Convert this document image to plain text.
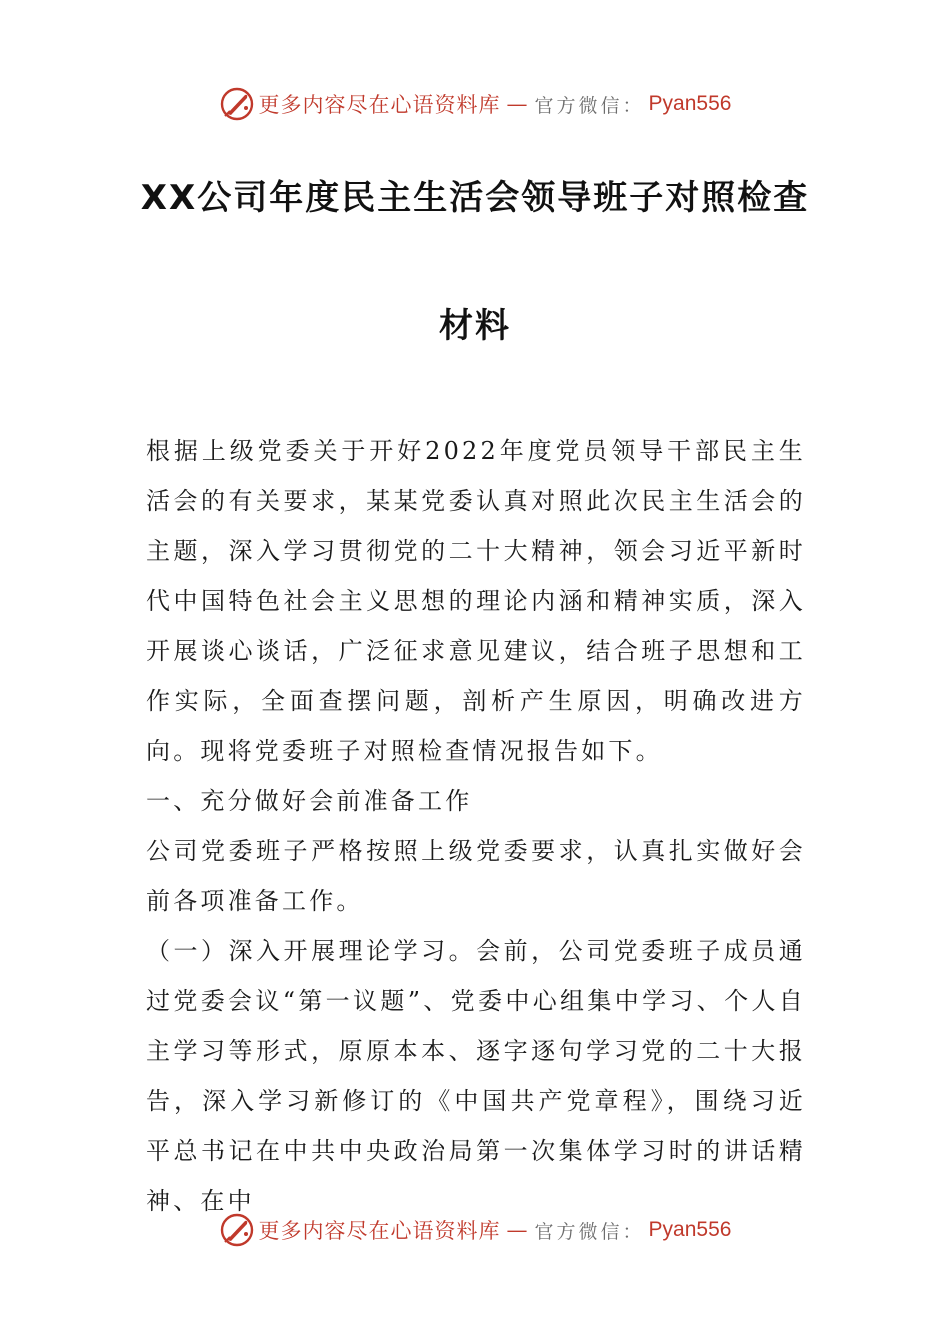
更多内容尽在心语资料库 — 官方微信： Pyan556
XX公司年度民主生活会领导班子对照检查
材料

根据上级党委关于开好2022年度党员领导干部民主生活会的有关要求，某某党委认真对照此次民主生活会的主题，深入学习贯彻党的二十大精神，领会习近平新时代中国特色社会主义思想的理论内涵和精神实质，深入开展谈心谈话，广泛征求意见建议，结合班子思想和工作实际，全面查摆问题，剖析产生原因，明确改进方向。现将党委班子对照检查情况报告如下。

一、充分做好会前准备工作

公司党委班子严格按照上级党委要求，认真扎实做好会前各项准备工作。

（一）深入开展理论学习。会前，公司党委班子成员通过党委会议“第一议题”、党委中心组集中学习、个人自主学习等形式，原原本本、逐字逐句学习党的二十大报告，深入学习新修订的《中国共产党章程》，围绕习近平总书记在中共中央政治局第一次集体学习时的讲话精神、在中

更多内容尽在心语资料库 — 官方微信： Pyan556
